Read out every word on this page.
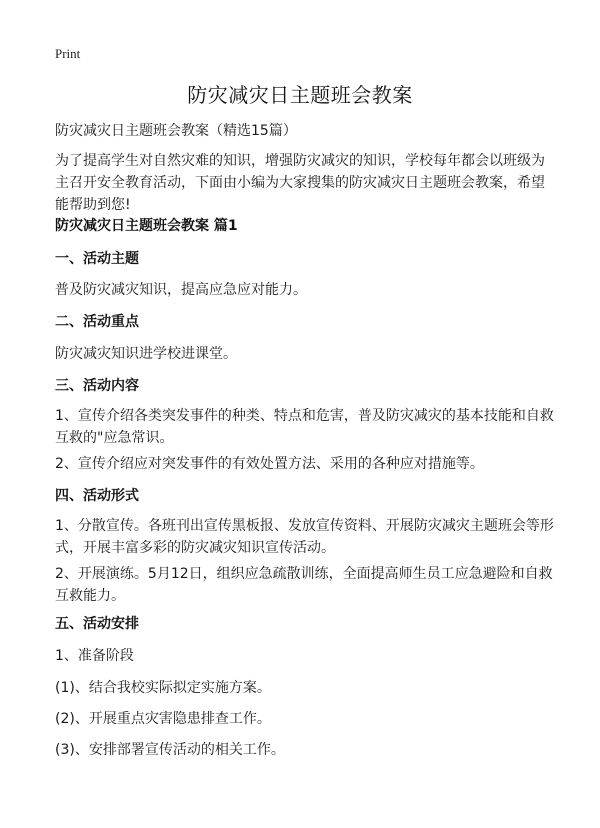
Print
防灾减灾日主题班会教案
防灾减灾日主题班会教案（精选15篇）
为了提高学生对自然灾难的知识，增强防灾减灾的知识，学校每年都会以班级为主召开安全教育活动，下面由小编为大家搜集的防灾减灾日主题班会教案，希望能帮助到您!
防灾减灾日主题班会教案 篇1
一、活动主题
普及防灾减灾知识，提高应急应对能力。
二、活动重点
防灾减灾知识进学校进课堂。
三、活动内容
1、宣传介绍各类突发事件的种类、特点和危害，普及防灾减灾的基本技能和自救互救的"应急常识。
2、宣传介绍应对突发事件的有效处置方法、采用的各种应对措施等。
四、活动形式
1、分散宣传。各班刊出宣传黑板报、发放宣传资料、开展防灾减灾主题班会等形式，开展丰富多彩的防灾减灾知识宣传活动。
2、开展演练。5月12日，组织应急疏散训练，全面提高师生员工应急避险和自救互救能力。
五、活动安排
1、准备阶段
(1)、结合我校实际拟定实施方案。
(2)、开展重点灾害隐患排查工作。
(3)、安排部署宣传活动的相关工作。
